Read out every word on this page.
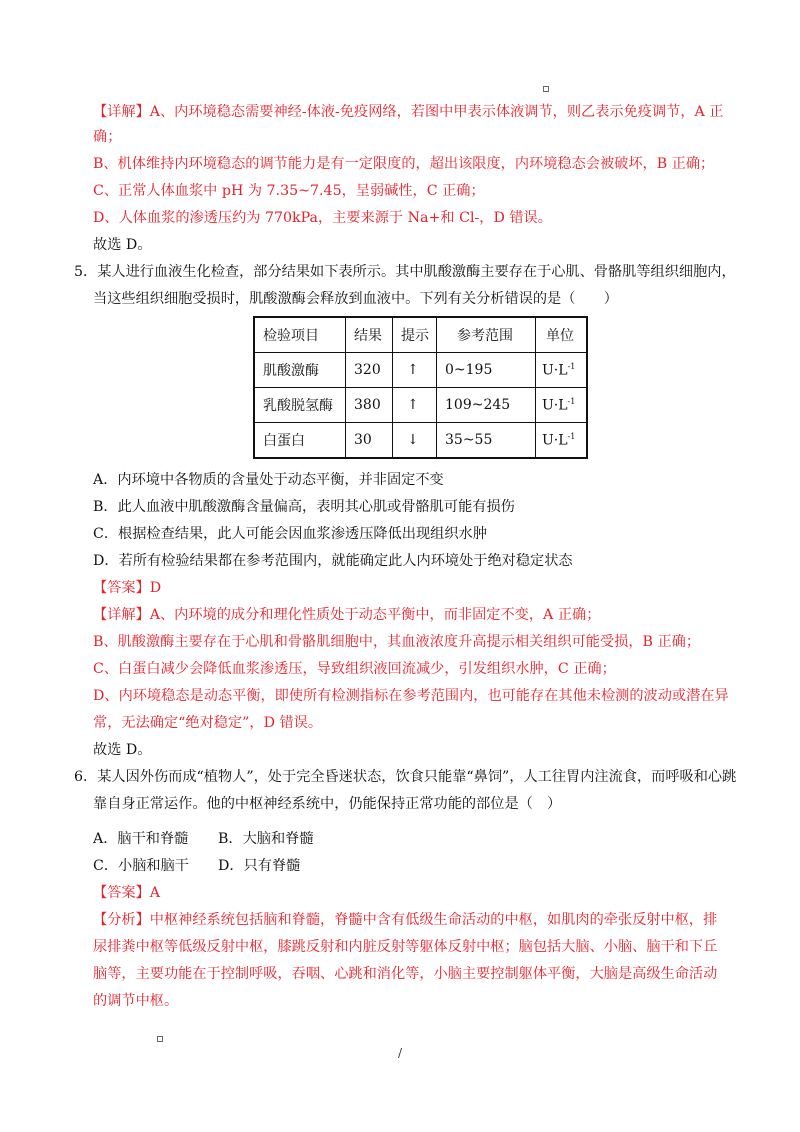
【详解】A、内环境稳态需要神经-体液-免疫网络，若图中甲表示体液调节，则乙表示免疫调节，A 正
确；
B、机体维持内环境稳态的调节能力是有一定限度的，超出该限度，内环境稳态会被破坏，B 正确；
C、正常人体血浆中 pH 为 7.35~7.45，呈弱碱性，C 正确；
D、人体血浆的渗透压约为 770kPa，主要来源于 Na+和 Cl-，D 错误。
故选 D。
5．某人进行血液生化检查，部分结果如下表所示。其中肌酸激酶主要存在于心肌、骨骼肌等组织细胞内，
当这些组织细胞受损时，肌酸激酶会释放到血液中。下列有关分析错误的是（　　）
检验项目	结果	提示	参考范围	单位
肌酸激酶	320	↑	0~195	$U\cdot L^{-1}$
乳酸脱氢酶	380	↑	109~245	$U\cdot L^{-1}$
白蛋白	30	↓	35~55	$U\cdot L^{-1}$
A．内环境中各物质的含量处于动态平衡，并非固定不变
B．此人血液中肌酸激酶含量偏高，表明其心肌或骨骼肌可能有损伤
C．根据检查结果，此人可能会因血浆渗透压降低出现组织水肿
D．若所有检验结果都在参考范围内，就能确定此人内环境处于绝对稳定状态
【答案】D
【详解】A、内环境的成分和理化性质处于动态平衡中，而非固定不变，A 正确；
B、肌酸激酶主要存在于心肌和骨骼肌细胞中，其血液浓度升高提示相关组织可能受损，B 正确；
C、白蛋白减少会降低血浆渗透压，导致组织液回流减少，引发组织水肿，C 正确；
D、内环境稳态是动态平衡，即使所有检测指标在参考范围内，也可能存在其他未检测的波动或潜在异
常，无法确定“绝对稳定”，D 错误。
故选 D。
6．某人因外伤而成“植物人”，处于完全昏迷状态，饮食只能靠“鼻饲”，人工往胃内注流食，而呼吸和心跳
靠自身正常运作。他的中枢神经系统中，仍能保持正常功能的部位是（　）
A．脑干和脊髓 B．大脑和脊髓
C．小脑和脑干 D．只有脊髓
【答案】A
【分析】中枢神经系统包括脑和脊髓，脊髓中含有低级生命活动的中枢，如肌肉的牵张反射中枢，排
尿排粪中枢等低级反射中枢，膝跳反射和内脏反射等躯体反射中枢；脑包括大脑、小脑、脑干和下丘
脑等，主要功能在于控制呼吸，吞咽、心跳和消化等，小脑主要控制躯体平衡，大脑是高级生命活动
的调节中枢。
/
